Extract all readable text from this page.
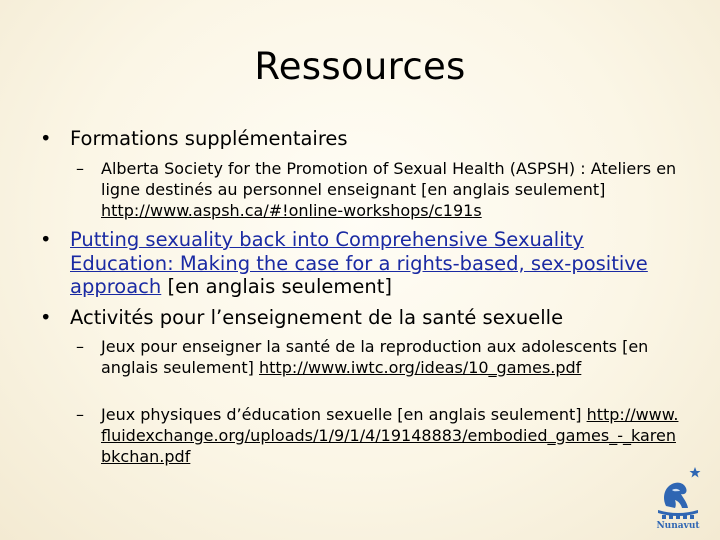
Ressources
• Formations supplémentaires
– Alberta Society for the Promotion of Sexual Health (ASPSH) : Ateliers en ligne destinés au personnel enseignant [en anglais seulement] http://www.aspsh.ca/#!online-workshops/c191s
• Putting sexuality back into Comprehensive Sexuality Education: Making the case for a rights-based, sex-positive approach [en anglais seulement]
• Activités pour l’enseignement de la santé sexuelle
– Jeux pour enseigner la santé de la reproduction aux adolescents [en anglais seulement] http://www.iwtc.org/ideas/10_games.pdf
– Jeux physiques d’éducation sexuelle [en anglais seulement] http://www.fluidexchange.org/uploads/1/9/1/4/19148883/embodied_games_-_karenbkchan.pdf
Nunavut
